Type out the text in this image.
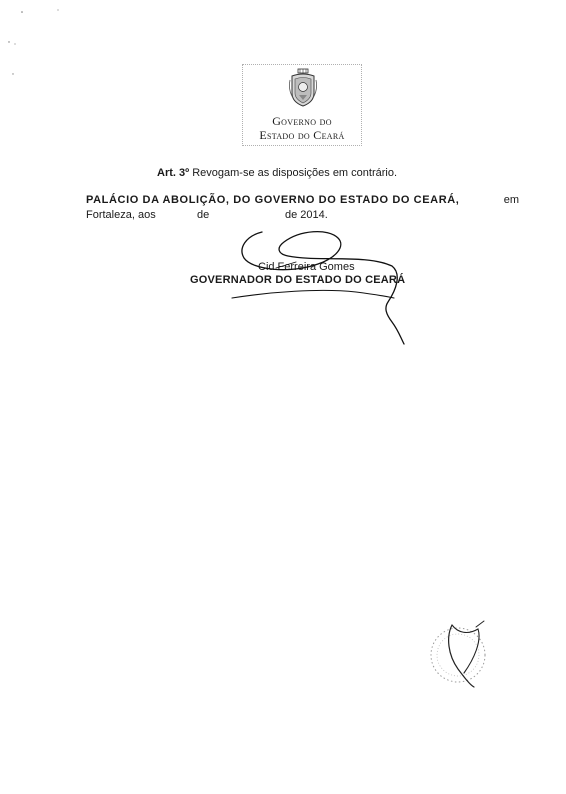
Governo do
Estado do Ceará
Art. 3º Revogam-se as disposições em contrário.
PALÁCIO DA ABOLIÇÃO, DO GOVERNO DO ESTADO DO CEARÁ,	em
Fortaleza, aos	de	de 2014.
Cid Ferreira Gomes
GOVERNADOR DO ESTADO DO CEARÁ
